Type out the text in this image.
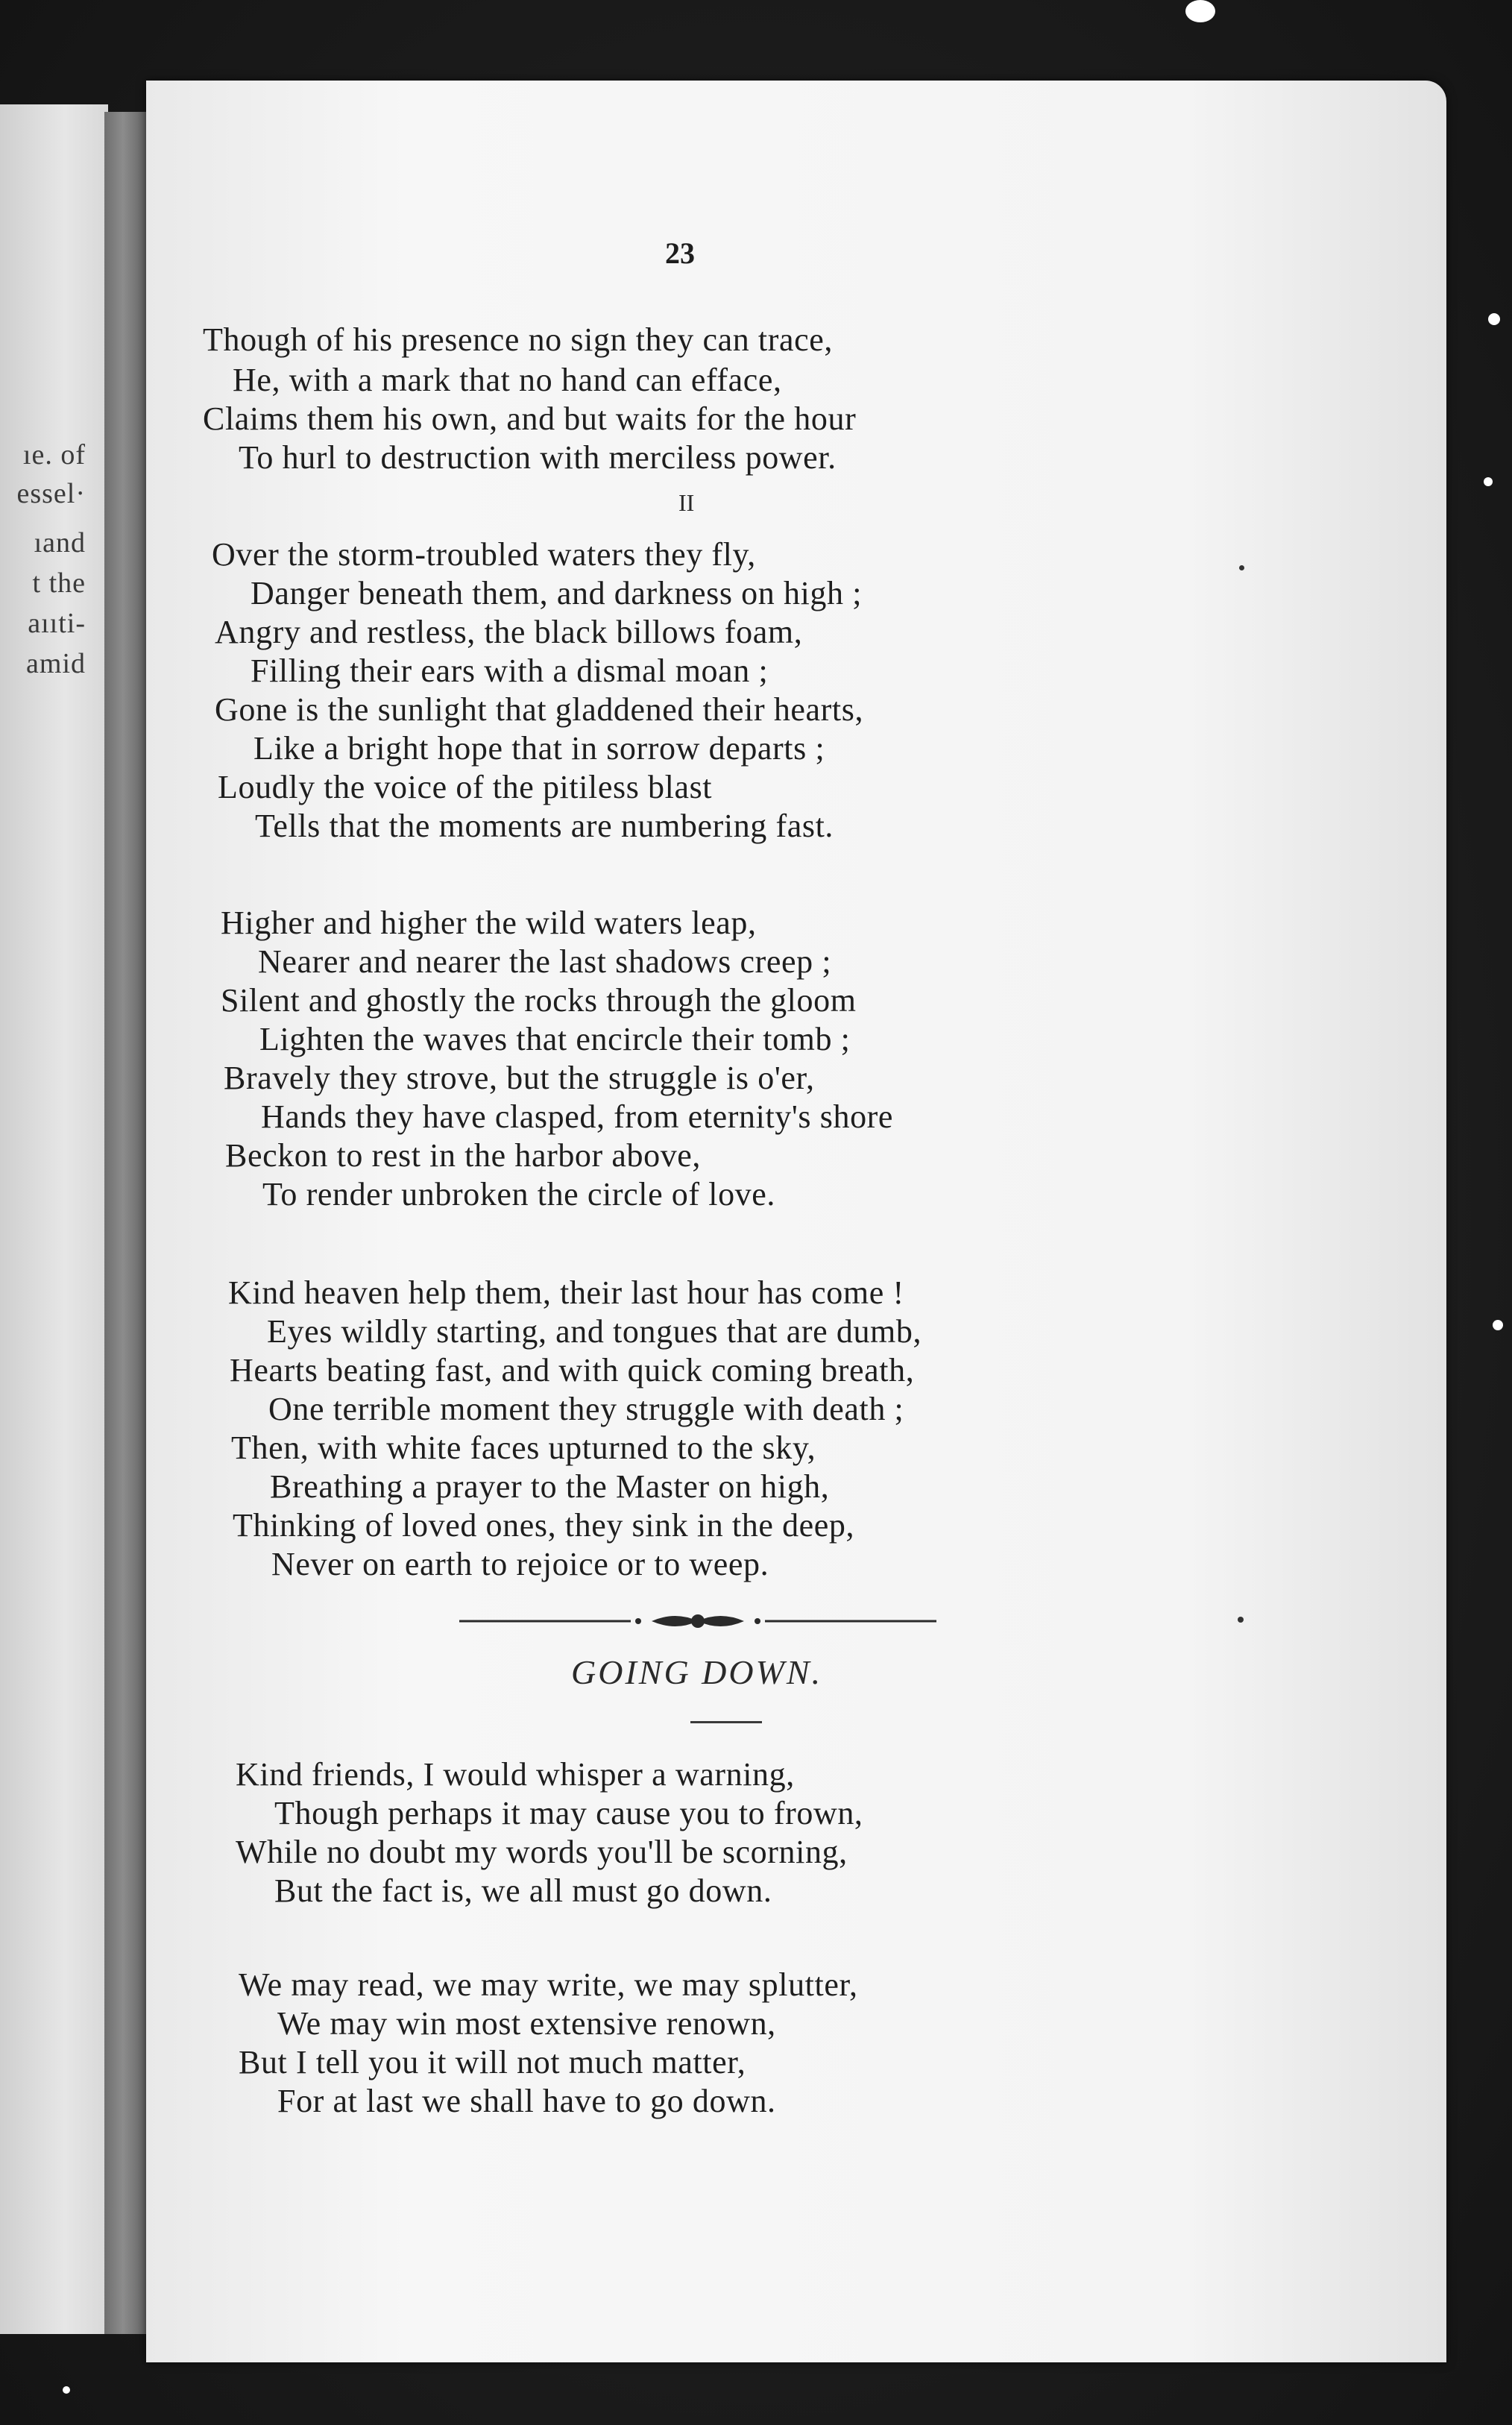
ıe. of
essel·
ıand
t the
aııti-
amid
23
Though of his presence no sign they can trace,
He, with a mark that no hand can efface,
Claims them his own, and but waits for the hour
To hurl to destruction with merciless power.
II
Over the storm-troubled waters they fly,
Danger beneath them, and darkness on high ;
Angry and restless, the black billows foam,
Filling their ears with a dismal moan ;
Gone is the sunlight that gladdened their hearts,
Like a bright hope that in sorrow departs ;
Loudly the voice of the pitiless blast
Tells that the moments are numbering fast.
Higher and higher the wild waters leap,
Nearer and nearer the last shadows creep ;
Silent and ghostly the rocks through the gloom
Lighten the waves that encircle their tomb ;
Bravely they strove, but the struggle is o'er,
Hands they have clasped, from eternity's shore
Beckon to rest in the harbor above,
To render unbroken the circle of love.
Kind heaven help them, their last hour has come !
Eyes wildly starting, and tongues that are dumb,
Hearts beating fast, and with quick coming breath,
One terrible moment they struggle with death ;
Then, with white faces upturned to the sky,
Breathing a prayer to the Master on high,
Thinking of loved ones, they sink in the deep,
Never on earth to rejoice or to weep.
GOING DOWN.
Kind friends, I would whisper a warning,
Though perhaps it may cause you to frown,
While no doubt my words you'll be scorning,
But the fact is, we all must go down.
We may read, we may write, we may splutter,
We may win most extensive renown,
But I tell you it will not much matter,
For at last we shall have to go down.
